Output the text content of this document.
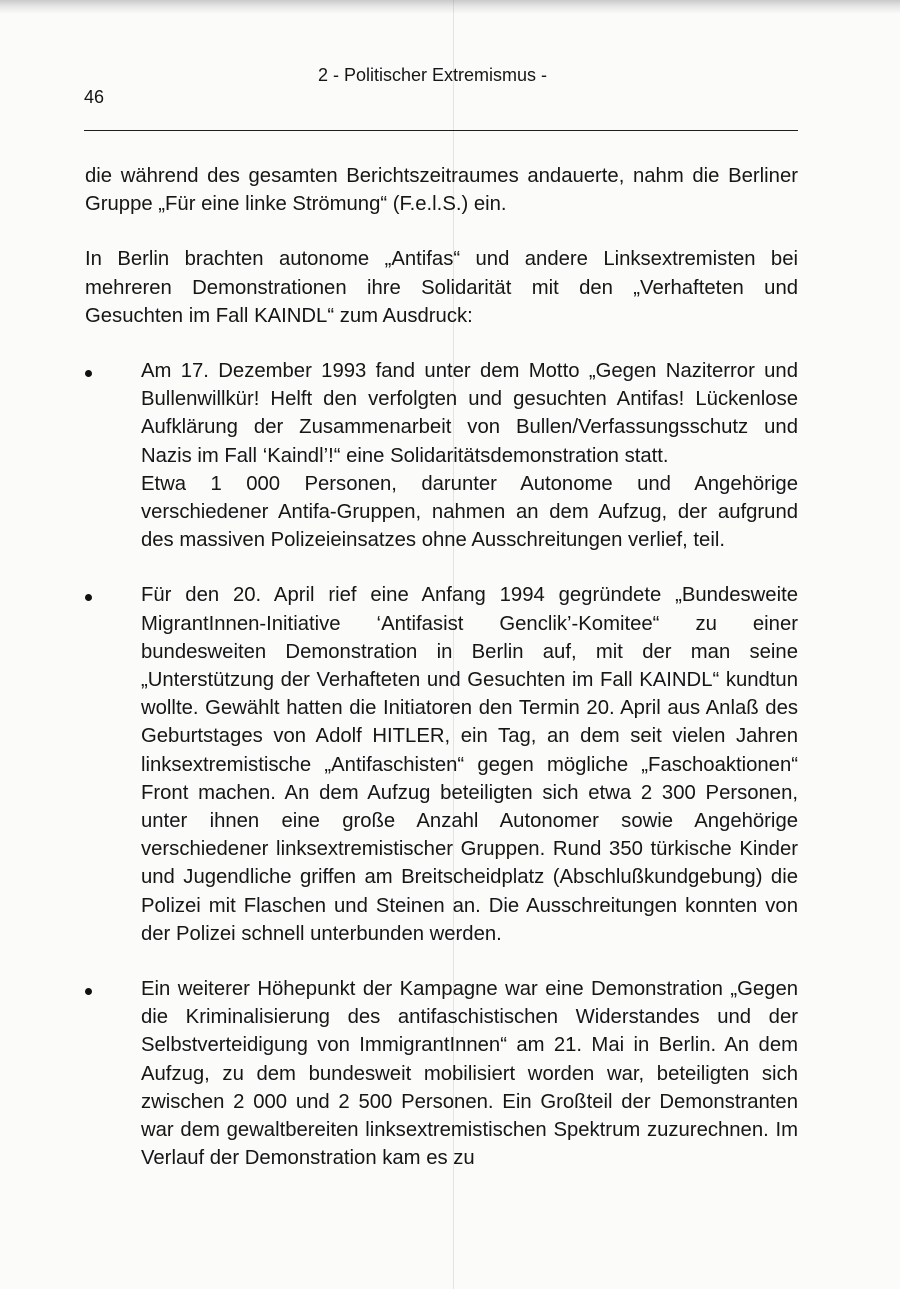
46
2 - Politischer Extremismus -

die während des gesamten Berichtszeitraumes andauerte, nahm die Berliner Gruppe „Für eine linke Strömung“ (F.e.l.S.) ein.

In Berlin brachten autonome „Antifas“ und andere Linksextremisten bei mehreren Demonstrationen ihre Solidarität mit den „Verhafteten und Gesuchten im Fall KAINDL“ zum Ausdruck:

Am 17. Dezember 1993 fand unter dem Motto „Gegen Naziterror und Bullenwillkür! Helft den verfolgten und gesuchten Antifas! Lückenlose Aufklärung der Zusammenarbeit von Bullen/Verfassungsschutz und Nazis im Fall ‘Kaindl’!“ eine Solidaritätsdemonstration statt.

Etwa 1 000 Personen, darunter Autonome und Angehörige verschiedener Antifa-Gruppen, nahmen an dem Aufzug, der aufgrund des massiven Polizeieinsatzes ohne Ausschreitungen verlief, teil.

Für den 20. April rief eine Anfang 1994 gegründete „Bundesweite MigrantInnen-Initiative ‘Antifasist Genclik’-Komitee“ zu einer bundesweiten Demonstration in Berlin auf, mit der man seine „Unterstützung der Verhafteten und Gesuchten im Fall KAINDL“ kundtun wollte. Gewählt hatten die Initiatoren den Termin 20. April aus Anlaß des Geburtstages von Adolf HITLER, ein Tag, an dem seit vielen Jahren linksextremistische „Antifaschisten“ gegen mögliche „Faschoaktionen“ Front machen. An dem Aufzug beteiligten sich etwa 2 300 Personen, unter ihnen eine große Anzahl Autonomer sowie Angehörige verschiedener linksextremistischer Gruppen. Rund 350 türkische Kinder und Jugendliche griffen am Breitscheidplatz (Abschlußkundgebung) die Polizei mit Flaschen und Steinen an. Die Ausschreitungen konnten von der Polizei schnell unterbunden werden.

Ein weiterer Höhepunkt der Kampagne war eine Demonstration „Gegen die Kriminalisierung des antifaschistischen Widerstandes und der Selbstverteidigung von ImmigrantInnen“ am 21. Mai in Berlin. An dem Aufzug, zu dem bundesweit mobilisiert worden war, beteiligten sich zwischen 2 000 und 2 500 Personen. Ein Großteil der Demonstranten war dem gewaltbereiten linksextremistischen Spektrum zuzurechnen. Im Verlauf der Demonstration kam es zu
